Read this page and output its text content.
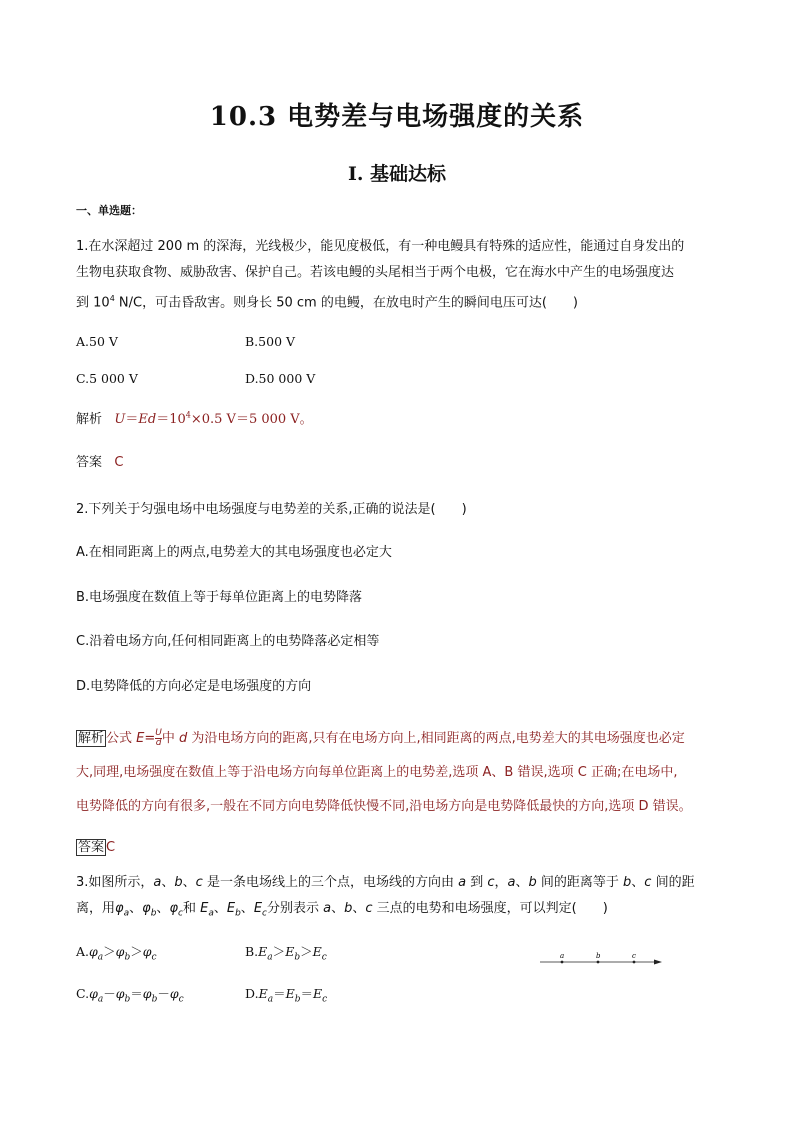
10.3 电势差与电场强度的关系
Ⅰ. 基础达标
一、单选题：
1.在水深超过 200 m 的深海，光线极少，能见度极低，有一种电鳗具有特殊的适应性，能通过自身发出的
生物电获取食物、威胁敌害、保护自己。若该电鳗的头尾相当于两个电极，它在海水中产生的电场强度达
到 $10^4$ N/C，可击昏敌害。则身长 50 cm 的电鳗，在放电时产生的瞬间电压可达(　　)
A.50 V	B.500 V
C.5 000 V	D.50 000 V
解析 $U=Ed=10^4\times 0.5$ V＝5 000 V。
答案 C
2.下列关于匀强电场中电场强度与电势差的关系,正确的说法是(　　)
A.在相同距离上的两点,电势差大的其电场强度也必定大
B.电场强度在数值上等于每单位距离上的电势降落
C.沿着电场方向,任何相同距离上的电势降落必定相等
D.电势降低的方向必定是电场强度的方向
解析 公式 $E= \frac{U}{d}$ 中 d 为沿电场方向的距离,只有在电场方向上,相同距离的两点,电势差大的其电场强度也必定
大,同理,电场强度在数值上等于沿电场方向每单位距离上的电势差,选项 A、B 错误,选项 C 正确;在电场中,
电势降低的方向有很多,一般在不同方向电势降低快慢不同,沿电场方向是电势降低最快的方向,选项 D 错误。
答案 C
3.如图所示，a、b、c 是一条电场线上的三个点，电场线的方向由 a 到 c，a、b 间的距离等于 b、c 间的距
离，用$\varphi_a$、$\varphi_b$、$\varphi_c$和 $E_a$、$E_b$、$E_c$分别表示 a、b、c 三点的电势和电场强度，可以判定(　　)
$A.\varphi_a>\varphi_b>\varphi_c$	$B.E_a>E_b>E_c$
$C.\varphi_a-\varphi_b=\varphi_b-\varphi_c$	$D.E_a=E_b=E_c$
a	b	c
